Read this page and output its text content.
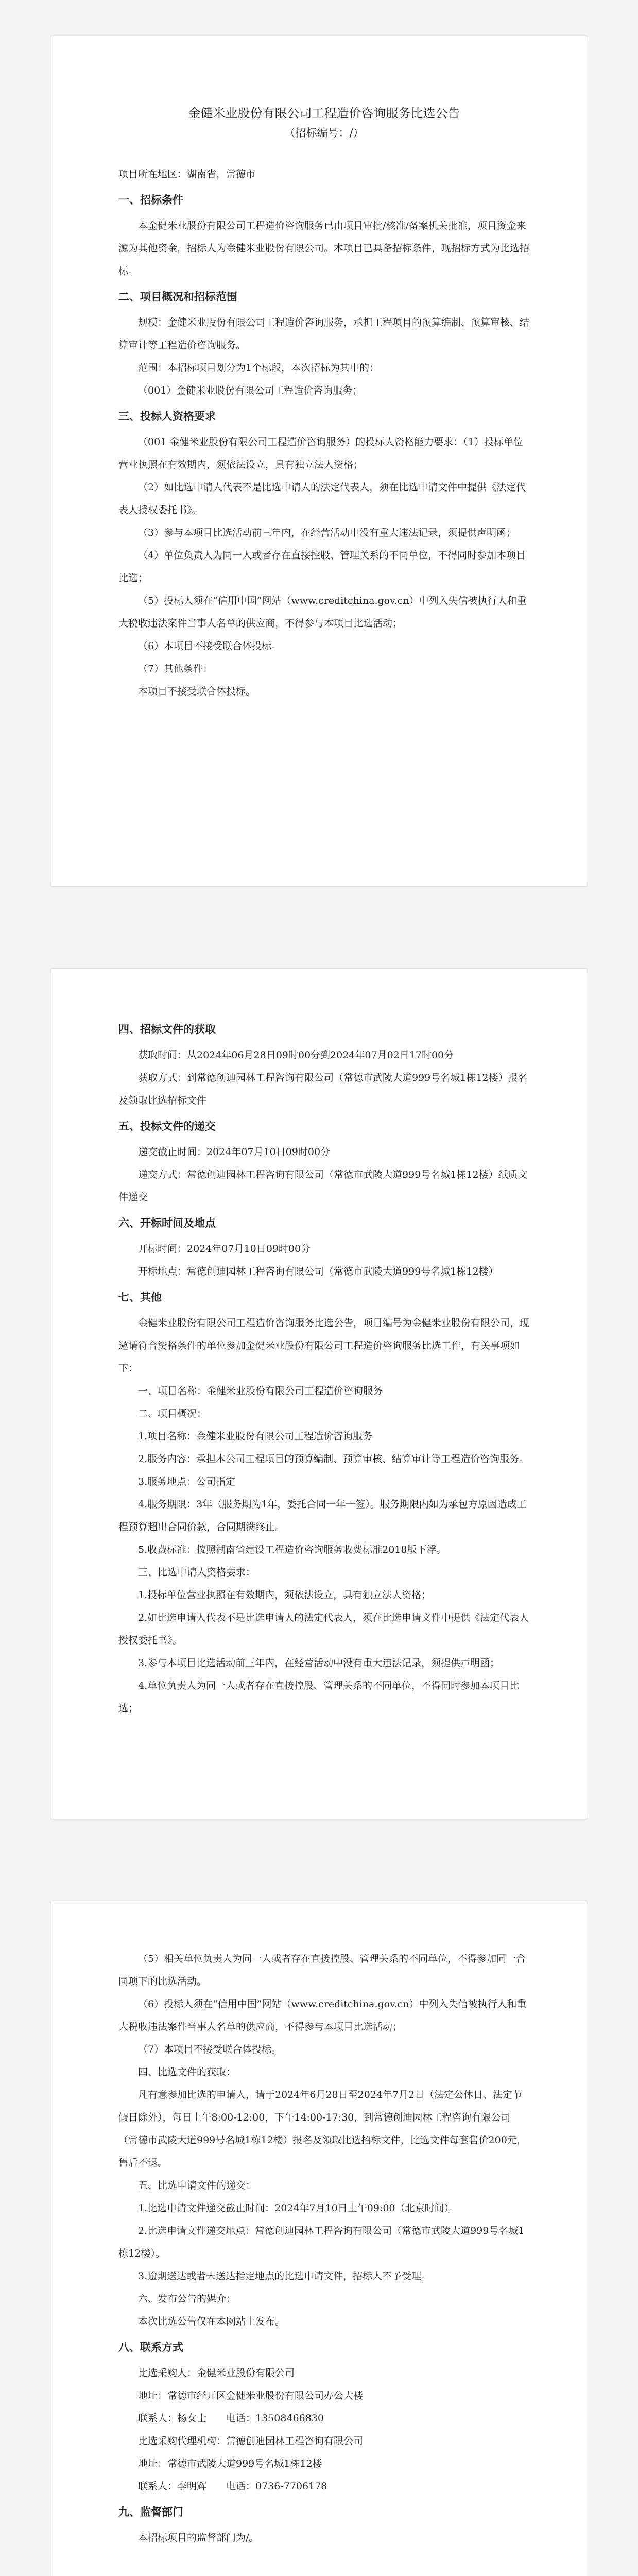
金健米业股份有限公司工程造价咨询服务比选公告
（招标编号：/）

项目所在地区：湖南省，常德市

一、招标条件

本金健米业股份有限公司工程造价咨询服务已由项目审批/核准/备案机关批准，项目资金来源为其他资金，招标人为金健米业股份有限公司。本项目已具备招标条件，现招标方式为比选招标。

二、项目概况和招标范围

规模：金健米业股份有限公司工程造价咨询服务，承担工程项目的预算编制、预算审核、结算审计等工程造价咨询服务。

范围：本招标项目划分为1个标段，本次招标为其中的：

（001）金健米业股份有限公司工程造价咨询服务；

三、投标人资格要求

（001 金健米业股份有限公司工程造价咨询服务）的投标人资格能力要求：（1）投标单位营业执照在有效期内，须依法设立，具有独立法人资格；

（2）如比选申请人代表不是比选申请人的法定代表人，须在比选申请文件中提供《法定代表人授权委托书》。

（3）参与本项目比选活动前三年内，在经营活动中没有重大违法记录，须提供声明函；

（4）单位负责人为同一人或者存在直接控股、管理关系的不同单位，不得同时参加本项目比选；

（5）投标人须在“信用中国”网站（www.creditchina.gov.cn）中列入失信被执行人和重大税收违法案件当事人名单的供应商，不得参与本项目比选活动；

（6）本项目不接受联合体投标。

（7）其他条件：

本项目不接受联合体投标。

四、招标文件的获取

获取时间：从2024年06月28日09时00分到2024年07月02日17时00分

获取方式：到常德创迪园林工程咨询有限公司（常德市武陵大道999号名城1栋12楼）报名及领取比选招标文件

五、投标文件的递交

递交截止时间：2024年07月10日09时00分

递交方式：常德创迪园林工程咨询有限公司（常德市武陵大道999号名城1栋12楼）纸质文件递交

六、开标时间及地点

开标时间：2024年07月10日09时00分

开标地点：常德创迪园林工程咨询有限公司（常德市武陵大道999号名城1栋12楼）

七、其他

金健米业股份有限公司工程造价咨询服务比选公告，项目编号为金健米业股份有限公司，现邀请符合资格条件的单位参加金健米业股份有限公司工程造价咨询服务比选工作，有关事项如下：

一、项目名称：金健米业股份有限公司工程造价咨询服务

二、项目概况：

1.项目名称：金健米业股份有限公司工程造价咨询服务

2.服务内容：承担本公司工程项目的预算编制、预算审核、结算审计等工程造价咨询服务。

3.服务地点：公司指定

4.服务期限：3年（服务期为1年，委托合同一年一签）。服务期限内如为承包方原因造成工程预算超出合同价款，合同期满终止。

5.收费标准：按照湖南省建设工程造价咨询服务收费标准2018版下浮。

三、比选申请人资格要求：

1.投标单位营业执照在有效期内，须依法设立，具有独立法人资格；

2.如比选申请人代表不是比选申请人的法定代表人，须在比选申请文件中提供《法定代表人授权委托书》。

3.参与本项目比选活动前三年内，在经营活动中没有重大违法记录，须提供声明函；

4.单位负责人为同一人或者存在直接控股、管理关系的不同单位，不得同时参加本项目比选；

（5）相关单位负责人为同一人或者存在直接控股、管理关系的不同单位，不得参加同一合同项下的比选活动。

（6）投标人须在“信用中国”网站（www.creditchina.gov.cn）中列入失信被执行人和重大税收违法案件当事人名单的供应商，不得参与本项目比选活动；

（7）本项目不接受联合体投标。

四、比选文件的获取：

凡有意参加比选的申请人，请于2024年6月28日至2024年7月2日（法定公休日、法定节假日除外），每日上午8:00-12:00，下午14:00-17:30，到常德创迪园林工程咨询有限公司（常德市武陵大道999号名城1栋12楼）报名及领取比选招标文件，比选文件每套售价200元，售后不退。

五、比选申请文件的递交：

1.比选申请文件递交截止时间：2024年7月10日上午09:00（北京时间）。

2.比选申请文件递交地点：常德创迪园林工程咨询有限公司（常德市武陵大道999号名城1栋12楼）。

3.逾期送达或者未送达指定地点的比选申请文件，招标人不予受理。

六、发布公告的媒介：

本次比选公告仅在本网站上发布。

八、联系方式

比选采购人：金健米业股份有限公司

地址：常德市经开区金健米业股份有限公司办公大楼

联系人：杨女士　　电话：13508466830

比选采购代理机构：常德创迪园林工程咨询有限公司

地址：常德市武陵大道999号名城1栋12楼

联系人：李明辉　　电话：0736-7706178

九、监督部门

本招标项目的监督部门为/。
